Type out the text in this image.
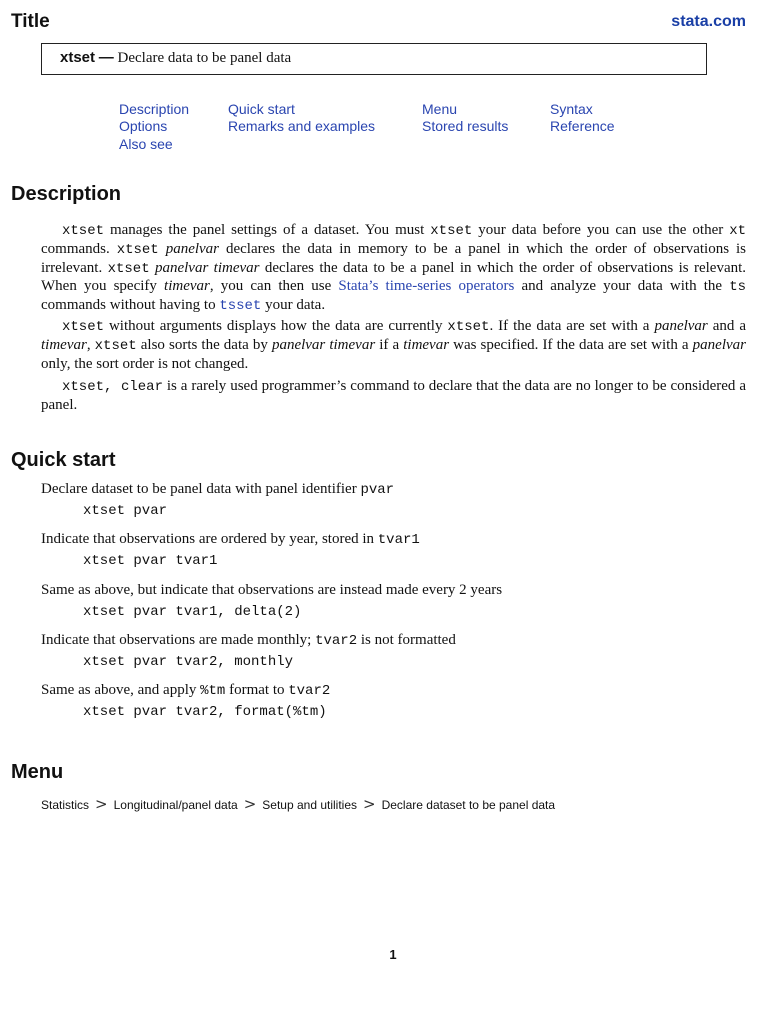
Title	stata.com
xtset — Declare data to be panel data
Description	Quick start	Menu	Syntax
Options	Remarks and examples	Stored results	Reference
Also see
Description

xtset manages the panel settings of a dataset. You must xtset your data before you can use the other xt commands. xtset panelvar declares the data in memory to be a panel in which the order of observations is irrelevant. xtset panelvar timevar declares the data to be a panel in which the order of observations is relevant. When you specify timevar, you can then use Stata’s time-series operators and analyze your data with the ts commands without having to tsset your data.

xtset without arguments displays how the data are currently xtset. If the data are set with a panelvar and a timevar, xtset also sorts the data by panelvar timevar if a timevar was specified. If the data are set with a panelvar only, the sort order is not changed.

xtset, clear is a rarely used programmer’s command to declare that the data are no longer to be considered a panel.

Quick start
Declare dataset to be panel data with panel identifier pvar
xtset pvar
Indicate that observations are ordered by year, stored in tvar1
xtset pvar tvar1
Same as above, but indicate that observations are instead made every 2 years
xtset pvar tvar1, delta(2)
Indicate that observations are made monthly; tvar2 is not formatted
xtset pvar tvar2, monthly
Same as above, and apply %tm format to tvar2
xtset pvar tvar2, format(%tm)
Menu
Statistics > Longitudinal/panel data > Setup and utilities > Declare dataset to be panel data
1
